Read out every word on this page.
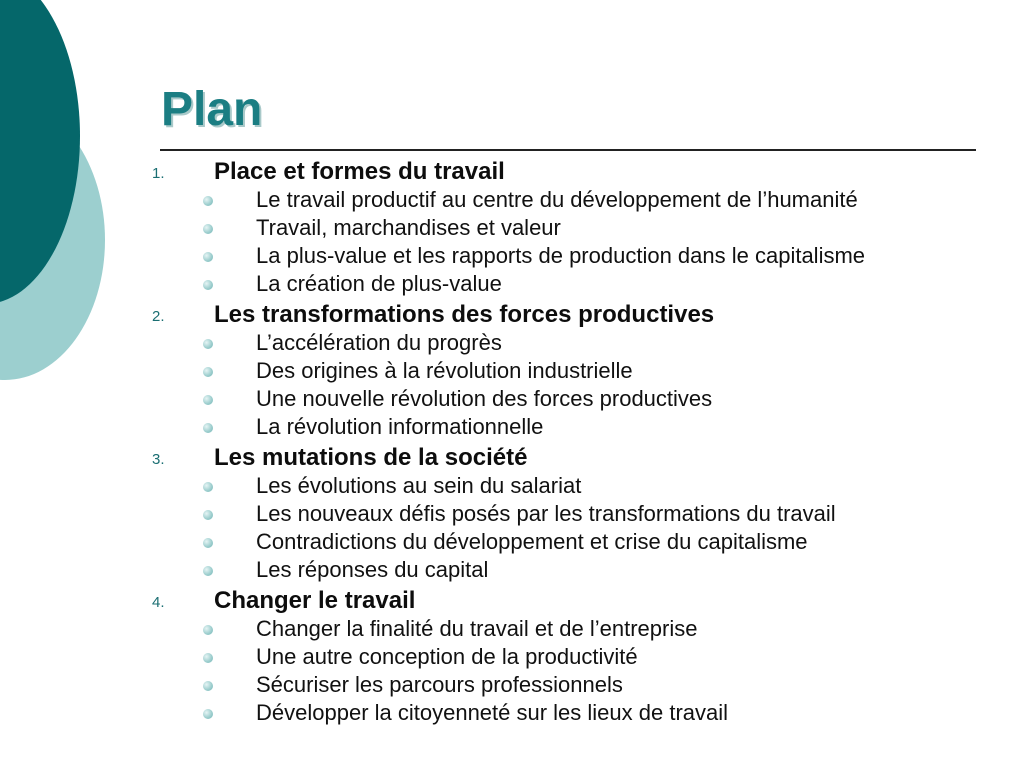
Plan
1. Place et formes du travail
Le travail productif au centre du développement de l’humanité
Travail, marchandises et valeur
La plus-value et les rapports de production dans le capitalisme
La création de plus-value
2. Les transformations des forces productives
L’accélération du progrès
Des origines à la révolution industrielle
Une nouvelle révolution des forces productives
La révolution informationnelle
3. Les mutations de la société
Les évolutions au sein du salariat
Les nouveaux défis posés par les transformations du travail
Contradictions du développement et crise du capitalisme
Les réponses du capital
4. Changer le travail
Changer la finalité du travail et de l’entreprise
Une autre conception de la productivité
Sécuriser les parcours professionnels
Développer la citoyenneté sur les lieux de travail
